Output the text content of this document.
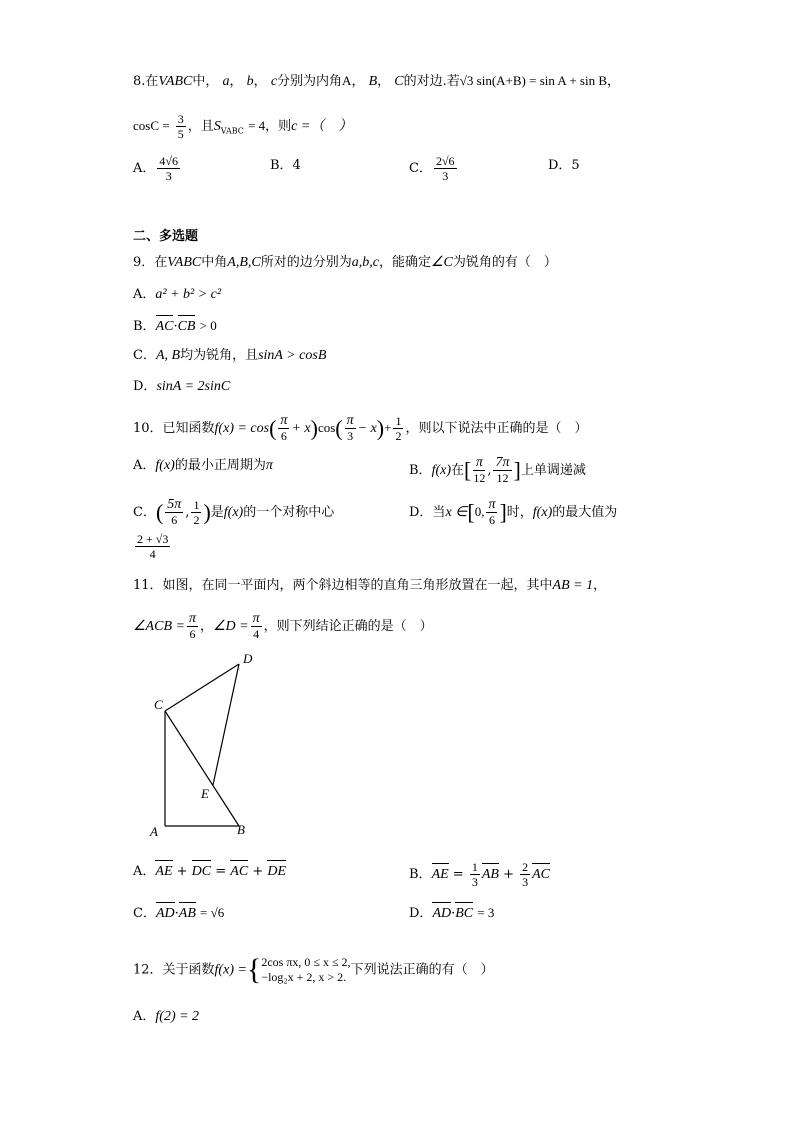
8.在VABC中， a， b， c分别为内角A， B， C的对边.若√3 sin(A+B) = sin A + sin B，
$\cos C = \frac{3}{5}$ ，且$S_{VABC} = 4$，则c =（　）
A． $\frac{4√6}{3}$	B．4	C． $\frac{2√6}{3}$	D．5
二、多选题
9．在VABC中角A,B,C所对的边分别为a,b,c，能确定∠C为锐角的有（　）
A．a² + b² > c²
B．AC·CB > 0
C．A, B均为锐角，且sinA > cosB
D．sinA = 2sinC
10．已知函数$f(x) = \cos( \frac{\pi}{6} + x)\cos( \frac{\pi}{3} - x)+ \frac{1}{2}$ ，则以下说法中正确的是（　）
A．f(x)的最小正周期为π	B．f(x)在[ $\frac{\pi}{12}$ , $\frac{7\pi}{12}$ ]上单调递减
C．( $\frac{5\pi}{6}$ , $\frac{1}{2}$ )是f(x)的一个对称中心	D．当x ∈[0, $\frac{\pi}{6}$ ]时，f(x)的最大值为
$\frac{2 + √3}{4}$
11．如图，在同一平面内，两个斜边相等的直角三角形放置在一起，其中AB = 1，
∠ACB = $\frac{\pi}{6}$ ，∠D = $\frac{\pi}{4}$ ，则下列结论正确的是（　）
A	B
C
D
E
A．AE + DC = AC + DE	B．AE = $\frac{1}{3}$ AB + $\frac{2}{3}$ AC
C．AD·AB = √6	D．AD·BC = 3
12．关于函数f(x) ={ 2cos πx, 0 ≤ x ≤ 2,
−log₂x + 2, x > 2. 下列说法正确的有（　）
A．f(2) = 2
